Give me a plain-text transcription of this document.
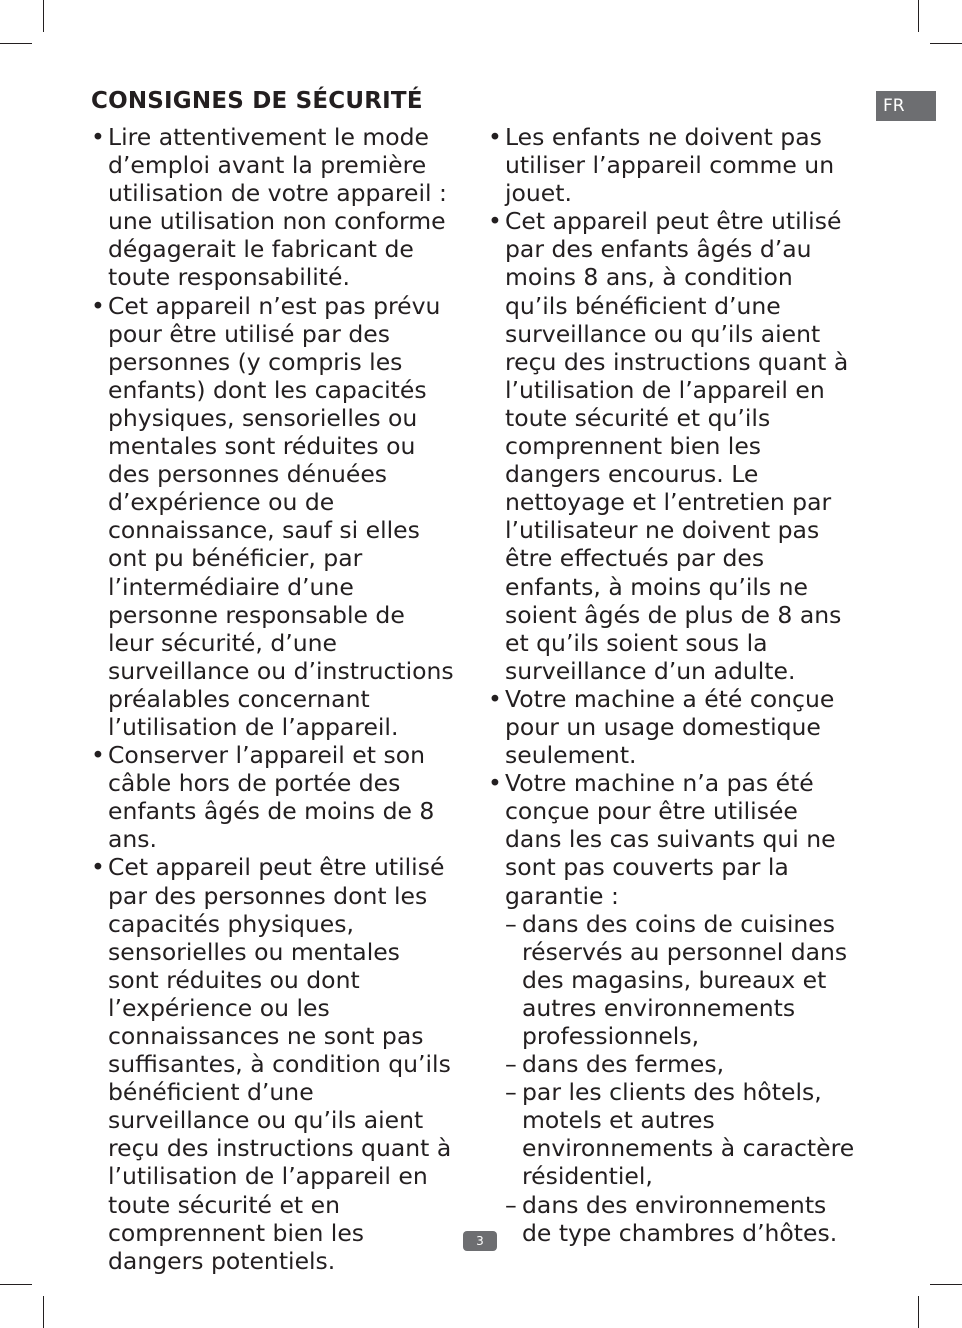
FR
CONSIGNES DE SÉCURITÉ
• Lire attentivement le mode d’emploi avant la première utilisation de votre appareil : une utilisation non conforme dégagerait le fabricant de toute responsabilité.
• Cet appareil n’est pas prévu pour être utilisé par des personnes (y compris les enfants) dont les capacités physiques, sensorielles ou mentales sont réduites ou des personnes dénuées d’expérience ou de connaissance, sauf si elles ont pu bénéficier, par l’intermédiaire d’une personne responsable de leur sécurité, d’une surveillance ou d’instructions préalables concernant l’utilisation de l’appareil.
• Conserver l’appareil et son câble hors de portée des enfants âgés de moins de 8 ans.
• Cet appareil peut être utilisé par des personnes dont les capacités physiques, sensorielles ou mentales sont réduites ou dont l’expérience ou les connaissances ne sont pas suffisantes, à condition qu’ils bénéficient d’une surveillance ou qu’ils aient reçu des instructions quant à l’utilisation de l’appareil en toute sécurité et en comprennent bien les dangers potentiels.
• Les enfants ne doivent pas utiliser l’appareil comme un jouet.
• Cet appareil peut être utilisé par des enfants âgés d’au moins 8 ans, à condition qu’ils bénéficient d’une surveillance ou qu’ils aient reçu des instructions quant à l’utilisation de l’appareil en toute sécurité et qu’ils comprennent bien les dangers encourus. Le nettoyage et l’entretien par l’utilisateur ne doivent pas être effectués par des enfants, à moins qu’ils ne soient âgés de plus de 8 ans et qu’ils soient sous la surveillance d’un adulte.
• Votre machine a été conçue pour un usage domestique seulement.
• Votre machine n’a pas été conçue pour être utilisée dans les cas suivants qui ne sont pas couverts par la garantie :
– dans des coins de cuisines réservés au personnel dans des magasins, bureaux et autres environnements professionnels,
– dans des fermes,
– par les clients des hôtels, motels et autres environnements à caractère résidentiel,
– dans des environnements de type chambres d’hôtes.
3
